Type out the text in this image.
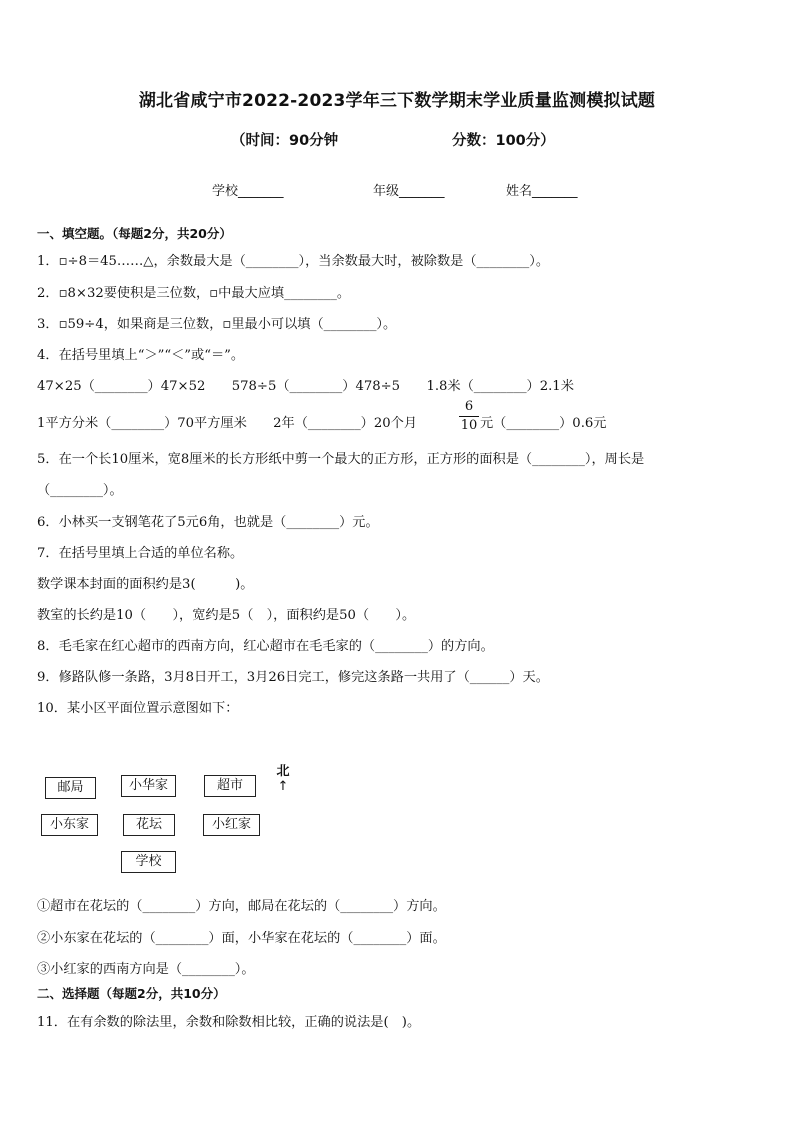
湖北省咸宁市2022-2023学年三下数学期末学业质量监测模拟试题
（时间：90分钟	分数：100分）
学校_______	年级_______	姓名_______
一、填空题。（每题2分，共20分）
1．▫÷8＝45……△，余数最大是（________），当余数最大时，被除数是（________）。
2．▫8×32要使积是三位数，▫中最大应填________。
3．▫59÷4，如果商是三位数，▫里最小可以填（________）。
4．在括号里填上“＞”“＜”或“＝”。
47×25（________）47×52　　578÷5（________）478÷5　　1.8米（________）2.1米
1平方分米（________）70平方厘米　　2年（________）20个月
6
10 元（________）0.6元
5．在一个长10厘米，宽8厘米的长方形纸中剪一个最大的正方形，正方形的面积是（________），周长是
（________）。
6．小林买一支钢笔花了5元6角，也就是（________）元。
7．在括号里填上合适的单位名称。
数学课本封面的面积约是3(　　　)。
教室的长约是10（　　），宽约是5（　），面积约是50（　　）。
8．毛毛家在红心超市的西南方向，红心超市在毛毛家的（________）的方向。
9．修路队修一条路，3月8日开工，3月26日完工，修完这条路一共用了（______）天。
10．某小区平面位置示意图如下：
邮局	小华家	超市
小东家	花坛	小红家
学校
北
↑
①超市在花坛的（________）方向，邮局在花坛的（________）方向。
②小东家在花坛的（________）面，小华家在花坛的（________）面。
③小红家的西南方向是（________）。
二、选择题（每题2分，共10分）
11．在有余数的除法里，余数和除数相比较，正确的说法是(　)。
